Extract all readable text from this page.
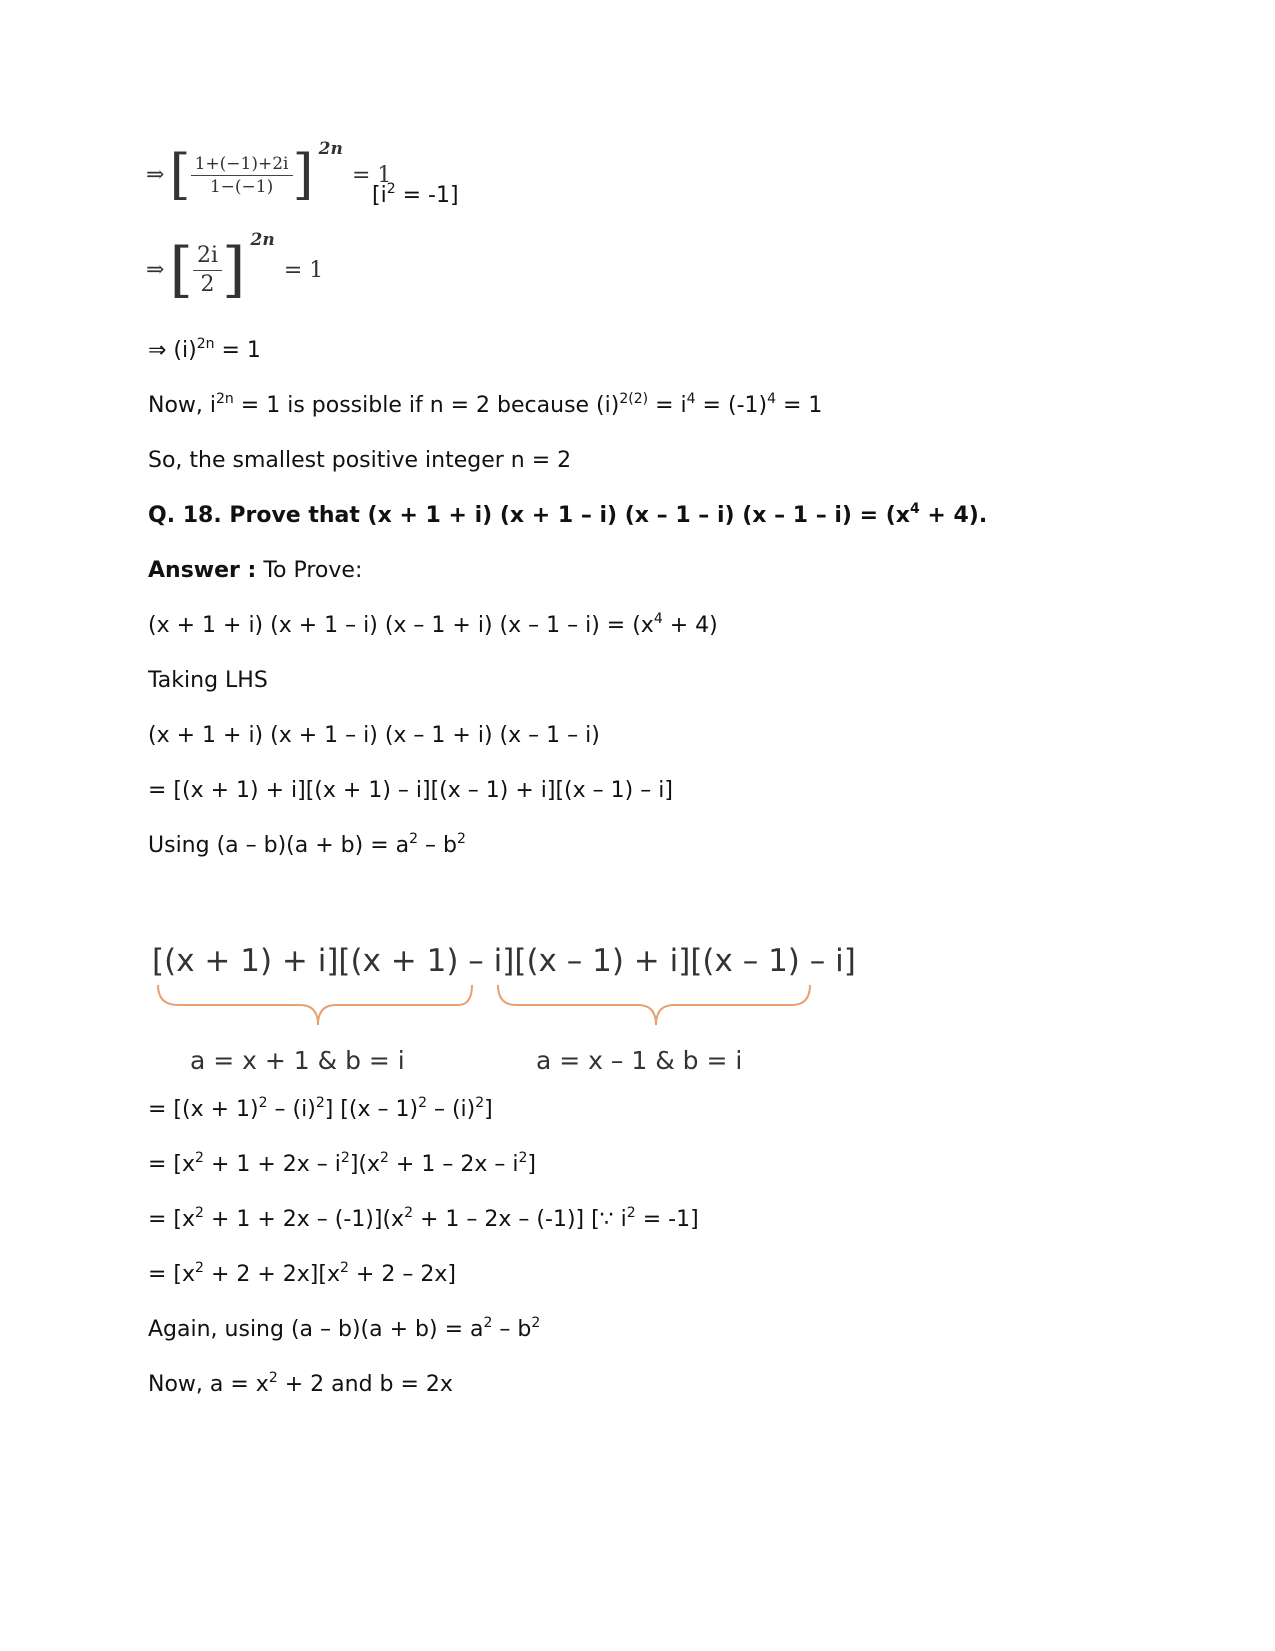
⇒ [ $\frac{1+(-1)+2i}{1-(-1)}$ ] 2n = 1
$[i^2 = -1]$
⇒ [ $\frac{2i}{2}$ ] 2n = 1
⇒ $(i)^{2n} = 1$
Now, $i^{2n} = 1$ is possible if n = 2 because $(i)^{2(2)} = i^4 = (-1)^4 = 1$
So, the smallest positive integer n = 2
Q. 18. Prove that (x + 1 + i) (x + 1 – i) (x – 1 – i) $(x - 1 - i) = (x^4 + 4)$.
Answer : To Prove:
(x + 1 + i) (x + 1 – i) (x – 1 + i) $(x - 1 - i) = (x^4 + 4)$
Taking LHS
(x + 1 + i) (x + 1 – i) (x – 1 + i) (x – 1 – i)
= [(x + 1) + i][(x + 1) – i][(x – 1) + i][(x – 1) – i]
Using $(a - b)(a + b) = a^2 - b^2$
[(x + 1) + i][(x + 1) – i][(x – 1) + i][(x – 1) – i]
a = x + 1 & b = i	a = x – 1 & b = i
= $[(x + 1)^2 - (i)^2]$ $[(x - 1)^2 - (i)^2]$
= $[x^2 + 1 + 2x - i^2](x^2 + 1 - 2x - i^2]$
= $[x^2 + 1 + 2x - (-1)](x^2 + 1 - 2x - (-1)]$ [∵ $i^2 = -1$]
= $[x^2 + 2 + 2x][x^2 + 2 - 2x]$
Again, using $(a - b)(a + b) = a^2 - b^2$
Now, $a = x^2 + 2$ and b = 2x
